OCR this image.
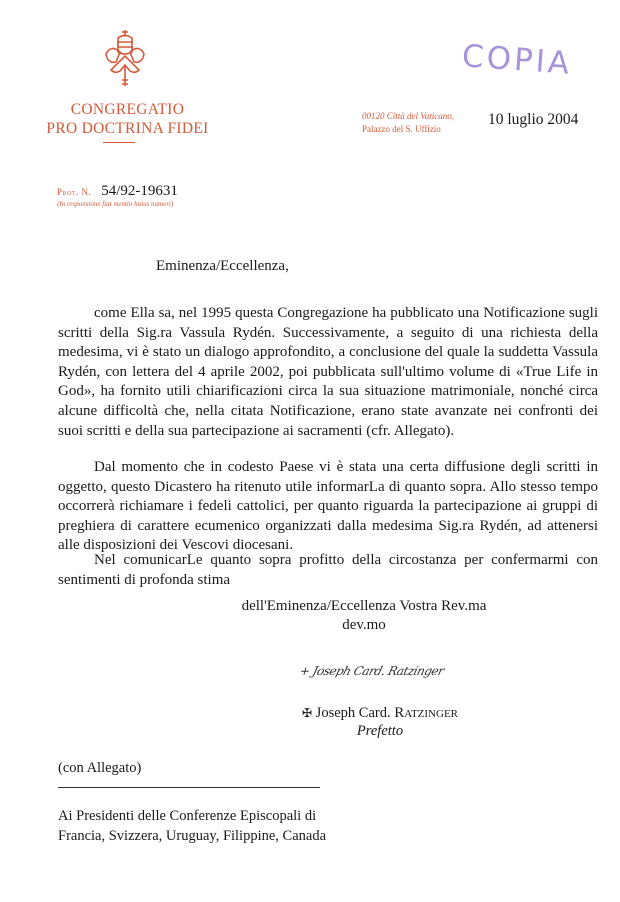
CONGREGATIO
PRO DOCTRINA FIDEI
COPIA
00120 Città del Vaticano,
Palazzo del S. Uffizio
10 luglio 2004
Prot. N. 54/92-19631
(In responsione fiat mentio huius numeri)
Eminenza/Eccellenza,
come Ella sa, nel 1995 questa Congregazione ha pubblicato una Notificazione sugli scritti della Sig.ra Vassula Rydén. Successivamente, a seguito di una richiesta della medesima, vi è stato un dialogo approfondito, a conclusione del quale la suddetta Vassula Rydén, con lettera del 4 aprile 2002, poi pubblicata sull'ultimo volume di «True Life in God», ha fornito utili chiarificazioni circa la sua situazione matrimoniale, nonché circa alcune difficoltà che, nella citata Notificazione, erano state avanzate nei confronti dei suoi scritti e della sua partecipazione ai sacramenti (cfr. Allegato).
Dal momento che in codesto Paese vi è stata una certa diffusione degli scritti in oggetto, questo Dicastero ha ritenuto utile informarLa di quanto sopra. Allo stesso tempo occorrerà richiamare i fedeli cattolici, per quanto riguarda la partecipazione ai gruppi di preghiera di carattere ecumenico organizzati dalla medesima Sig.ra Rydén, ad attenersi alle disposizioni dei Vescovi diocesani.
Nel comunicarLe quanto sopra profitto della circostanza per confermarmi con sentimenti di profonda stima
dell'Eminenza/Eccellenza Vostra Rev.ma
dev.mo
+ Joseph Card. Ratzinger
✠ Joseph Card. Ratzinger
Prefetto
(con Allegato)
Ai Presidenti delle Conferenze Episcopali di
Francia, Svizzera, Uruguay, Filippine, Canada
